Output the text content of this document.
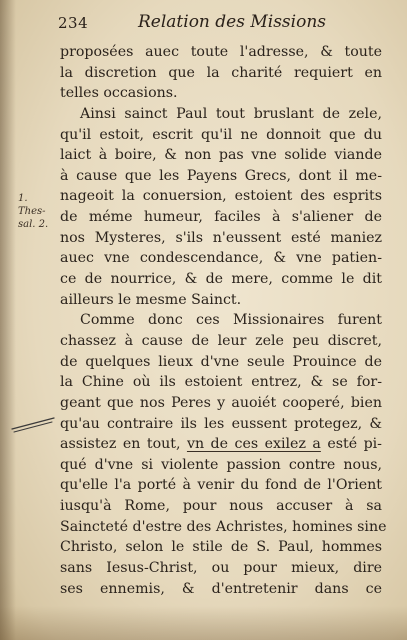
234	Relation des Missions
1. Thes-
sal. 2.
proposées auec toute l'adresse, & toute
la discretion que la charité requiert en
telles occasions.
Ainsi sainct Paul tout bruslant de zele,
qu'il estoit, escrit qu'il ne donnoit que du
laict à boire, & non pas vne solide viande
à cause que les Payens Grecs, dont il me-
nageoit la conuersion, estoient des esprits
de méme humeur, faciles à s'aliener de
nos Mysteres, s'ils n'eussent esté maniez
auec vne condescendance, & vne patien-
ce de nourrice, & de mere, comme le dit
ailleurs le mesme Sainct.
Comme donc ces Missionaires furent
chassez à cause de leur zele peu discret,
de quelques lieux d'vne seule Prouince de
la Chine où ils estoient entrez, & se for-
geant que nos Peres y auoiét cooperé, bien
qu'au contraire ils les eussent protegez, &
assistez en tout, vn de ces exilez a esté pi-
qué d'vne si violente passion contre nous,
qu'elle l'a porté à venir du fond de l'Orient
iusqu'à Rome, pour nous accuser à sa
Saincteté d'estre des Achristes, homines sine
Christo, selon le stile de S. Paul, hommes
sans Iesus-Christ, ou pour mieux, dire
ses ennemis, & d'entretenir dans ce
